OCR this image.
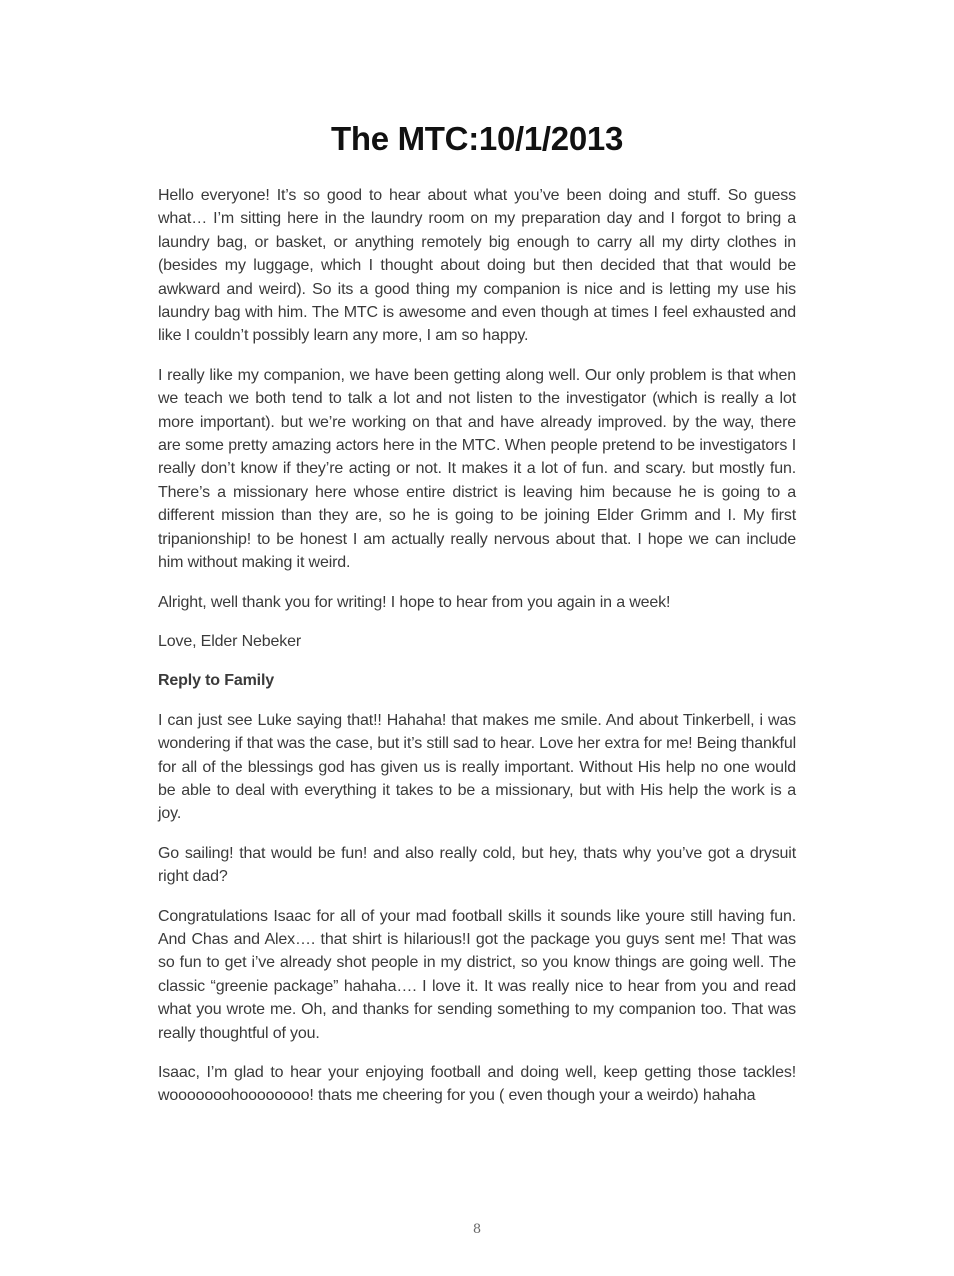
The MTC:10/1/2013

Hello everyone! It’s so good to hear about what you’ve been doing and stuff. So guess what… I’m sitting here in the laundry room on my preparation day and I forgot to bring a laundry bag, or basket, or anything remotely big enough to carry all my dirty clothes in (besides my luggage, which I thought about doing but then decided that that would be awkward and weird). So its a good thing my companion is nice and is letting my use his laundry bag with him. The MTC is awesome and even though at times I feel exhausted and like I couldn’t possibly learn any more, I am so happy.

I really like my companion, we have been getting along well. Our only problem is that when we teach we both tend to talk a lot and not listen to the investigator (which is really a lot more important). but we’re working on that and have already improved. by the way, there are some pretty amazing actors here in the MTC. When people pretend to be investigators I really don’t know if they’re acting or not. It makes it a lot of fun. and scary. but mostly fun. There’s a missionary here whose entire district is leaving him because he is going to a different mission than they are, so he is going to be joining Elder Grimm and I. My first tripanionship! to be honest I am actually really nervous about that. I hope we can include him without making it weird.

Alright, well thank you for writing! I hope to hear from you again in a week!

Love, Elder Nebeker

Reply to Family

I can just see Luke saying that!! Hahaha! that makes me smile. And about Tinkerbell, i was wondering if that was the case, but it’s still sad to hear. Love her extra for me! Being thankful for all of the blessings god has given us is really important. Without His help no one would be able to deal with everything it takes to be a missionary, but with His help the work is a joy.

Go sailing! that would be fun! and also really cold, but hey, thats why you’ve got a drysuit right dad?

Congratulations Isaac for all of your mad football skills it sounds like youre still having fun. And Chas and Alex…. that shirt is hilarious!I got the package you guys sent me! That was so fun to get i’ve already shot people in my district, so you know things are going well. The classic “greenie package” hahaha…. I love it. It was really nice to hear from you and read what you wrote me. Oh, and thanks for sending something to my companion too. That was really thoughtful of you.

Isaac, I’m glad to hear your enjoying football and doing well, keep getting those tackles! wooooooohoooooooo! thats me cheering for you ( even though your a weirdo) hahaha

8
